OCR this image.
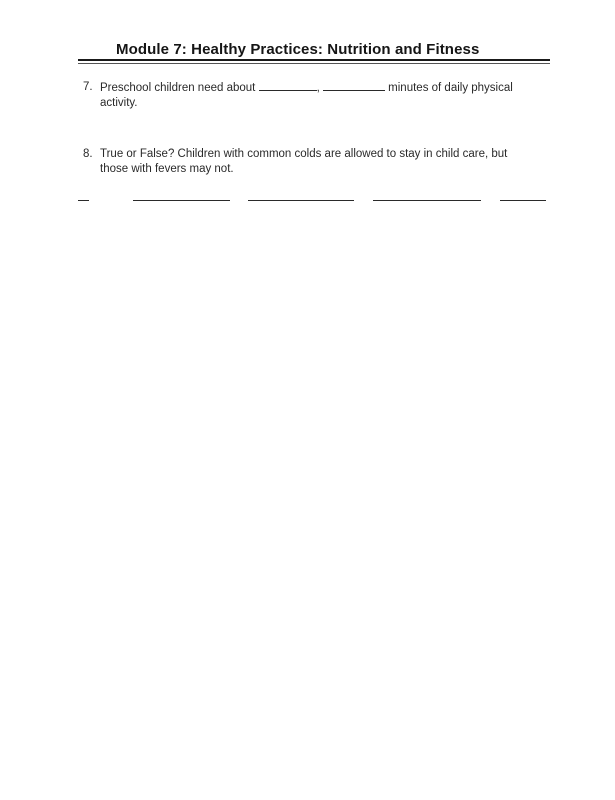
Module 7: Healthy Practices: Nutrition and Fitness
7. Preschool children need about	,	minutes of daily physical
activity.
8. True or False? Children with common colds are allowed to stay in child care, but
those with fevers may not.
